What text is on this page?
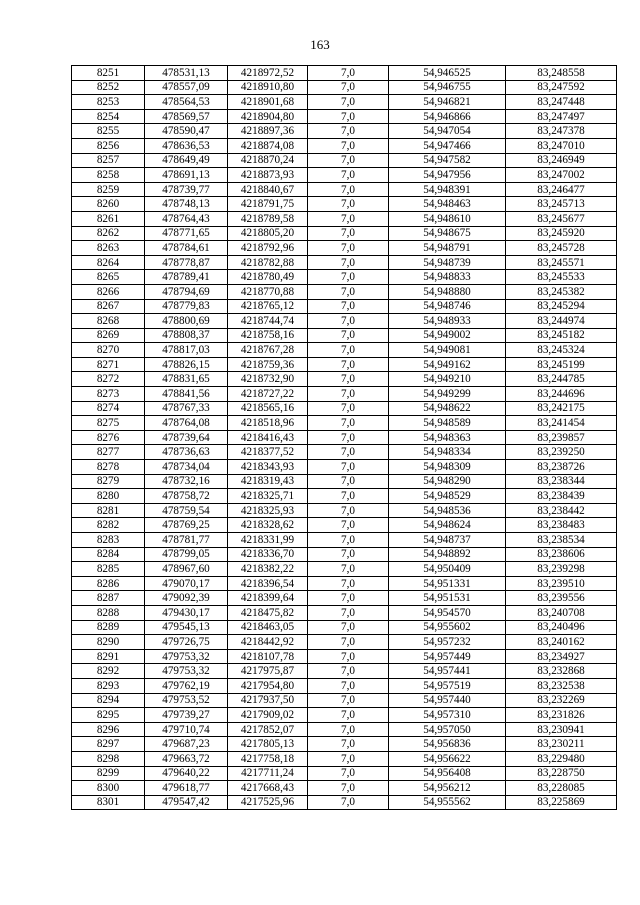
163
8251	478531,13	4218972,52	7,0	54,946525	83,248558
8252	478557,09	4218910,80	7,0	54,946755	83,247592
8253	478564,53	4218901,68	7,0	54,946821	83,247448
8254	478569,57	4218904,80	7,0	54,946866	83,247497
8255	478590,47	4218897,36	7,0	54,947054	83,247378
8256	478636,53	4218874,08	7,0	54,947466	83,247010
8257	478649,49	4218870,24	7,0	54,947582	83,246949
8258	478691,13	4218873,93	7,0	54,947956	83,247002
8259	478739,77	4218840,67	7,0	54,948391	83,246477
8260	478748,13	4218791,75	7,0	54,948463	83,245713
8261	478764,43	4218789,58	7,0	54,948610	83,245677
8262	478771,65	4218805,20	7,0	54,948675	83,245920
8263	478784,61	4218792,96	7,0	54,948791	83,245728
8264	478778,87	4218782,88	7,0	54,948739	83,245571
8265	478789,41	4218780,49	7,0	54,948833	83,245533
8266	478794,69	4218770,88	7,0	54,948880	83,245382
8267	478779,83	4218765,12	7,0	54,948746	83,245294
8268	478800,69	4218744,74	7,0	54,948933	83,244974
8269	478808,37	4218758,16	7,0	54,949002	83,245182
8270	478817,03	4218767,28	7,0	54,949081	83,245324
8271	478826,15	4218759,36	7,0	54,949162	83,245199
8272	478831,65	4218732,90	7,0	54,949210	83,244785
8273	478841,56	4218727,22	7,0	54,949299	83,244696
8274	478767,33	4218565,16	7,0	54,948622	83,242175
8275	478764,08	4218518,96	7,0	54,948589	83,241454
8276	478739,64	4218416,43	7,0	54,948363	83,239857
8277	478736,63	4218377,52	7,0	54,948334	83,239250
8278	478734,04	4218343,93	7,0	54,948309	83,238726
8279	478732,16	4218319,43	7,0	54,948290	83,238344
8280	478758,72	4218325,71	7,0	54,948529	83,238439
8281	478759,54	4218325,93	7,0	54,948536	83,238442
8282	478769,25	4218328,62	7,0	54,948624	83,238483
8283	478781,77	4218331,99	7,0	54,948737	83,238534
8284	478799,05	4218336,70	7,0	54,948892	83,238606
8285	478967,60	4218382,22	7,0	54,950409	83,239298
8286	479070,17	4218396,54	7,0	54,951331	83,239510
8287	479092,39	4218399,64	7,0	54,951531	83,239556
8288	479430,17	4218475,82	7,0	54,954570	83,240708
8289	479545,13	4218463,05	7,0	54,955602	83,240496
8290	479726,75	4218442,92	7,0	54,957232	83,240162
8291	479753,32	4218107,78	7,0	54,957449	83,234927
8292	479753,32	4217975,87	7,0	54,957441	83,232868
8293	479762,19	4217954,80	7,0	54,957519	83,232538
8294	479753,52	4217937,50	7,0	54,957440	83,232269
8295	479739,27	4217909,02	7,0	54,957310	83,231826
8296	479710,74	4217852,07	7,0	54,957050	83,230941
8297	479687,23	4217805,13	7,0	54,956836	83,230211
8298	479663,72	4217758,18	7,0	54,956622	83,229480
8299	479640,22	4217711,24	7,0	54,956408	83,228750
8300	479618,77	4217668,43	7,0	54,956212	83,228085
8301	479547,42	4217525,96	7,0	54,955562	83,225869
